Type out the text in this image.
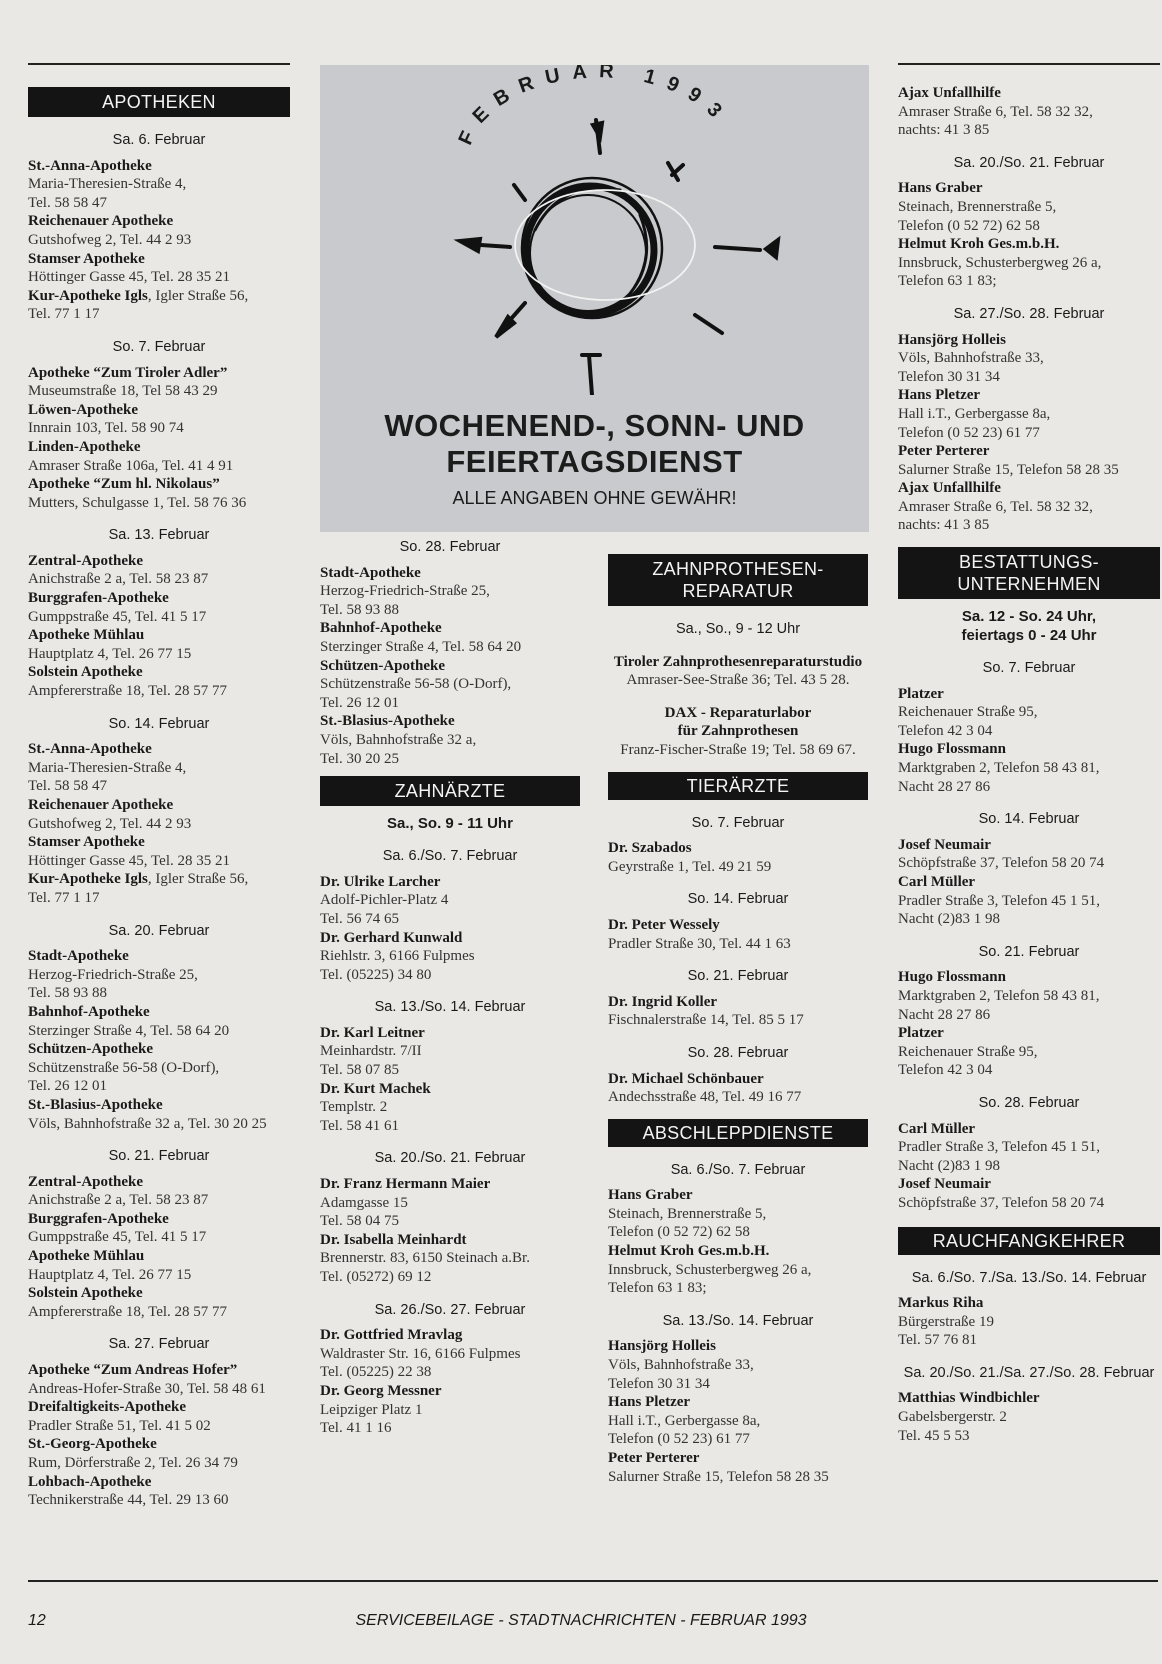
APOTHEKEN
Sa. 6. Februar
St.-Anna-Apotheke
Maria-Theresien-Straße 4,
Tel. 58 58 47
Reichenauer Apotheke
Gutshofweg 2, Tel. 44 2 93
Stamser Apotheke
Höttinger Gasse 45, Tel. 28 35 21
Kur-Apotheke Igls, Igler Straße 56,
Tel. 77 1 17
So. 7. Februar
Apotheke “Zum Tiroler Adler”
Museumstraße 18, Tel 58 43 29
Löwen-Apotheke
Innrain 103, Tel. 58 90 74
Linden-Apotheke
Amraser Straße 106a, Tel. 41 4 91
Apotheke “Zum hl. Nikolaus”
Mutters, Schulgasse 1, Tel. 58 76 36
Sa. 13. Februar
Zentral-Apotheke
Anichstraße 2 a, Tel. 58 23 87
Burggrafen-Apotheke
Gumppstraße 45, Tel. 41 5 17
Apotheke Mühlau
Hauptplatz 4, Tel. 26 77 15
Solstein Apotheke
Ampfererstraße 18, Tel. 28 57 77
So. 14. Februar
St.-Anna-Apotheke
Maria-Theresien-Straße 4,
Tel. 58 58 47
Reichenauer Apotheke
Gutshofweg 2, Tel. 44 2 93
Stamser Apotheke
Höttinger Gasse 45, Tel. 28 35 21
Kur-Apotheke Igls, Igler Straße 56,
Tel. 77 1 17
Sa. 20. Februar
Stadt-Apotheke
Herzog-Friedrich-Straße 25,
Tel. 58 93 88
Bahnhof-Apotheke
Sterzinger Straße 4, Tel. 58 64 20
Schützen-Apotheke
Schützenstraße 56-58 (O-Dorf),
Tel. 26 12 01
St.-Blasius-Apotheke
Völs, Bahnhofstraße 32 a, Tel. 30 20 25
So. 21. Februar
Zentral-Apotheke
Anichstraße 2 a, Tel. 58 23 87
Burggrafen-Apotheke
Gumppstraße 45, Tel. 41 5 17
Apotheke Mühlau
Hauptplatz 4, Tel. 26 77 15
Solstein Apotheke
Ampfererstraße 18, Tel. 28 57 77
Sa. 27. Februar
Apotheke “Zum Andreas Hofer”
Andreas-Hofer-Straße 30, Tel. 58 48 61
Dreifaltigkeits-Apotheke
Pradler Straße 51, Tel. 41 5 02
St.-Georg-Apotheke
Rum, Dörferstraße 2, Tel. 26 34 79
Lohbach-Apotheke
Technikerstraße 44, Tel. 29 13 60
FEBRUAR 1993
WOCHENEND-, SONN- UND
FEIERTAGSDIENST
ALLE ANGABEN OHNE GEWÄHR!
So. 28. Februar
Stadt-Apotheke
Herzog-Friedrich-Straße 25,
Tel. 58 93 88
Bahnhof-Apotheke
Sterzinger Straße 4, Tel. 58 64 20
Schützen-Apotheke
Schützenstraße 56-58 (O-Dorf),
Tel. 26 12 01
St.-Blasius-Apotheke
Völs, Bahnhofstraße 32 a,
Tel. 30 20 25
ZAHNÄRZTE
Sa., So. 9 - 11 Uhr
Sa. 6./So. 7. Februar
Dr. Ulrike Larcher
Adolf-Pichler-Platz 4
Tel. 56 74 65
Dr. Gerhard Kunwald
Riehlstr. 3, 6166 Fulpmes
Tel. (05225) 34 80
Sa. 13./So. 14. Februar
Dr. Karl Leitner
Meinhardstr. 7/II
Tel. 58 07 85
Dr. Kurt Machek
Templstr. 2
Tel. 58 41 61
Sa. 20./So. 21. Februar
Dr. Franz Hermann Maier
Adamgasse 15
Tel. 58 04 75
Dr. Isabella Meinhardt
Brennerstr. 83, 6150 Steinach a.Br.
Tel. (05272) 69 12
Sa. 26./So. 27. Februar
Dr. Gottfried Mravlag
Waldraster Str. 16, 6166 Fulpmes
Tel. (05225) 22 38
Dr. Georg Messner
Leipziger Platz 1
Tel. 41 1 16
ZAHNPROTHESEN-
REPARATUR
Sa., So., 9 - 12 Uhr
Tiroler Zahnprothesenreparaturstudio
Amraser-See-Straße 36; Tel. 43 5 28.
DAX - Reparaturlabor
für Zahnprothesen
Franz-Fischer-Straße 19; Tel. 58 69 67.
TIERÄRZTE
So. 7. Februar
Dr. Szabados
Geyrstraße 1, Tel. 49 21 59
So. 14. Februar
Dr. Peter Wessely
Pradler Straße 30, Tel. 44 1 63
So. 21. Februar
Dr. Ingrid Koller
Fischnalerstraße 14, Tel. 85 5 17
So. 28. Februar
Dr. Michael Schönbauer
Andechsstraße 48, Tel. 49 16 77
ABSCHLEPPDIENSTE
Sa. 6./So. 7. Februar
Hans Graber
Steinach, Brennerstraße 5,
Telefon (0 52 72) 62 58
Helmut Kroh Ges.m.b.H.
Innsbruck, Schusterbergweg 26 a,
Telefon 63 1 83;
Sa. 13./So. 14. Februar
Hansjörg Holleis
Völs, Bahnhofstraße 33,
Telefon 30 31 34
Hans Pletzer
Hall i.T., Gerbergasse 8a,
Telefon (0 52 23) 61 77
Peter Perterer
Salurner Straße 15, Telefon 58 28 35
Ajax Unfallhilfe
Amraser Straße 6, Tel. 58 32 32,
nachts: 41 3 85
Sa. 20./So. 21. Februar
Hans Graber
Steinach, Brennerstraße 5,
Telefon (0 52 72) 62 58
Helmut Kroh Ges.m.b.H.
Innsbruck, Schusterbergweg 26 a,
Telefon 63 1 83;
Sa. 27./So. 28. Februar
Hansjörg Holleis
Völs, Bahnhofstraße 33,
Telefon 30 31 34
Hans Pletzer
Hall i.T., Gerbergasse 8a,
Telefon (0 52 23) 61 77
Peter Perterer
Salurner Straße 15, Telefon 58 28 35
Ajax Unfallhilfe
Amraser Straße 6, Tel. 58 32 32,
nachts: 41 3 85
BESTATTUNGS-
UNTERNEHMEN
Sa. 12 - So. 24 Uhr,
feiertags 0 - 24 Uhr
So. 7. Februar
Platzer
Reichenauer Straße 95,
Telefon 42 3 04
Hugo Flossmann
Marktgraben 2, Telefon 58 43 81,
Nacht 28 27 86
So. 14. Februar
Josef Neumair
Schöpfstraße 37, Telefon 58 20 74
Carl Müller
Pradler Straße 3, Telefon 45 1 51,
Nacht (2)83 1 98
So. 21. Februar
Hugo Flossmann
Marktgraben 2, Telefon 58 43 81,
Nacht 28 27 86
Platzer
Reichenauer Straße 95,
Telefon 42 3 04
So. 28. Februar
Carl Müller
Pradler Straße 3, Telefon 45 1 51,
Nacht (2)83 1 98
Josef Neumair
Schöpfstraße 37, Telefon 58 20 74
RAUCHFANGKEHRER
Sa. 6./So. 7./Sa. 13./So. 14. Februar
Markus Riha
Bürgerstraße 19
Tel. 57 76 81
Sa. 20./So. 21./Sa. 27./So. 28. Februar
Matthias Windbichler
Gabelsbergerstr. 2
Tel. 45 5 53
SERVICEBEILAGE - STADTNACHRICHTEN - FEBRUAR 1993
12
